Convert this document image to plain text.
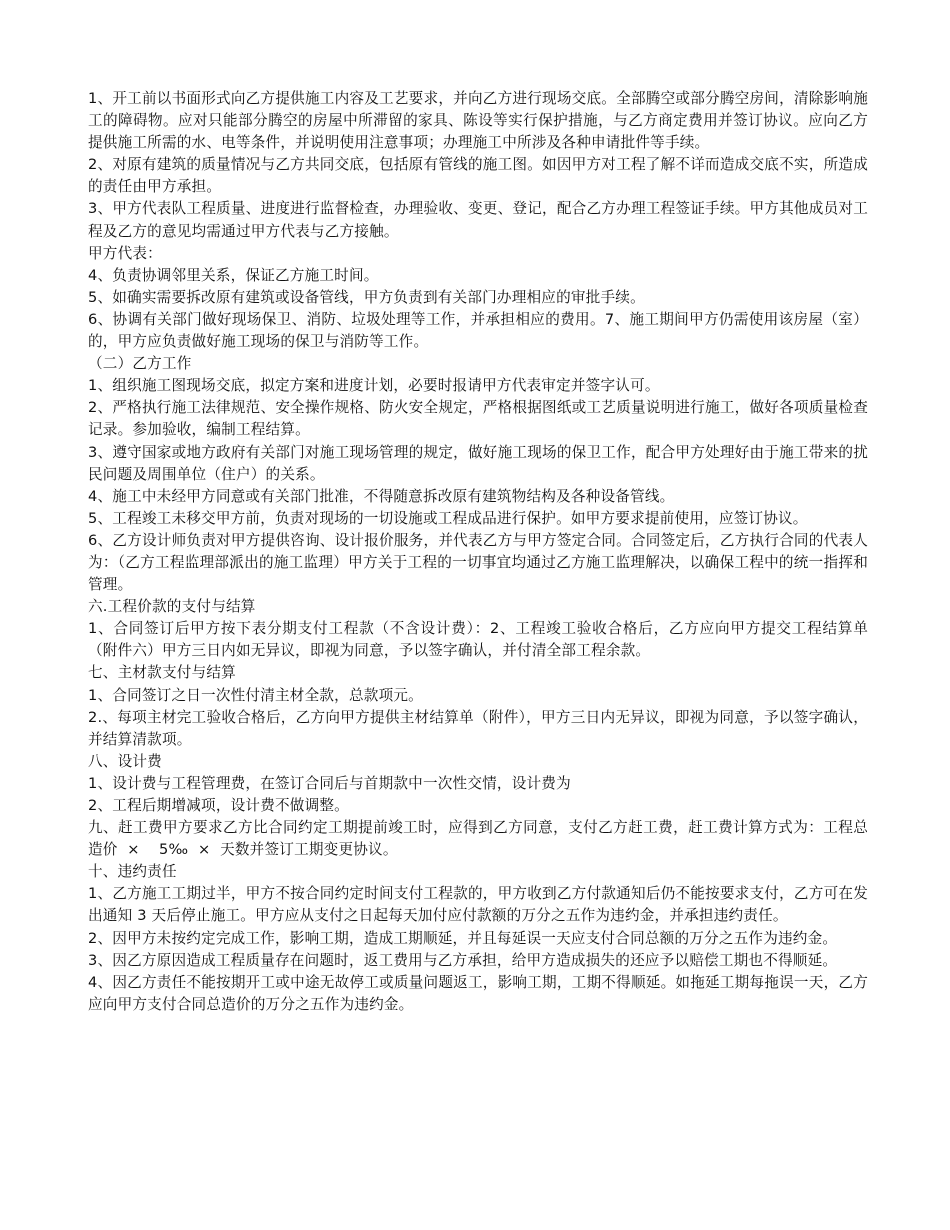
1、开工前以书面形式向乙方提供施工内容及工艺要求，并向乙方进行现场交底。全部腾空或部分腾空房间，清除影响施工的障碍物。应对只能部分腾空的房屋中所滞留的家具、陈设等实行保护措施，与乙方商定费用并签订协议。应向乙方提供施工所需的水、电等条件，并说明使用注意事项；办理施工中所涉及各种申请批件等手续。

2、对原有建筑的质量情况与乙方共同交底，包括原有管线的施工图。如因甲方对工程了解不详而造成交底不实，所造成的责任由甲方承担。

3、甲方代表队工程质量、进度进行监督检查，办理验收、变更、登记，配合乙方办理工程签证手续。甲方其他成员对工程及乙方的意见均需通过甲方代表与乙方接触。

甲方代表：

4、负责协调邻里关系，保证乙方施工时间。

5、如确实需要拆改原有建筑或设备管线，甲方负责到有关部门办理相应的审批手续。

6、协调有关部门做好现场保卫、消防、垃圾处理等工作，并承担相应的费用。7、施工期间甲方仍需使用该房屋（室）的，甲方应负责做好施工现场的保卫与消防等工作。

（二）乙方工作

1、组织施工图现场交底，拟定方案和进度计划，必要时报请甲方代表审定并签字认可。

2、严格执行施工法律规范、安全操作规格、防火安全规定，严格根据图纸或工艺质量说明进行施工，做好各项质量检查记录。参加验收，编制工程结算。

3、遵守国家或地方政府有关部门对施工现场管理的规定，做好施工现场的保卫工作，配合甲方处理好由于施工带来的扰民问题及周围单位（住户）的关系。

4、施工中未经甲方同意或有关部门批准，不得随意拆改原有建筑物结构及各种设备管线。

5、工程竣工未移交甲方前，负责对现场的一切设施或工程成品进行保护。如甲方要求提前使用，应签订协议。

6、乙方设计师负责对甲方提供咨询、设计报价服务，并代表乙方与甲方签定合同。合同签定后，乙方执行合同的代表人为：（乙方工程监理部派出的施工监理）甲方关于工程的一切事宜均通过乙方施工监理解决，以确保工程中的统一指挥和管理。

六.工程价款的支付与结算

1、合同签订后甲方按下表分期支付工程款（不含设计费）：2、工程竣工验收合格后，乙方应向甲方提交工程结算单（附件六）甲方三日内如无异议，即视为同意，予以签字确认，并付清全部工程余款。

七、主材款支付与结算

1、合同签订之日一次性付清主材全款，总款项元。

2.、每项主材完工验收合格后，乙方向甲方提供主材结算单（附件），甲方三日内无异议，即视为同意，予以签字确认，并结算清款项。

八、设计费

1、设计费与工程管理费，在签订合同后与首期款中一次性交情，设计费为

2、工程后期增减项，设计费不做调整。

九、赶工费甲方要求乙方比合同约定工期提前竣工时，应得到乙方同意，支付乙方赶工费，赶工费计算方式为：工程总造价  ×    5‰  ×  天数并签订工期变更协议。

十、违约责任

1、乙方施工工期过半，甲方不按合同约定时间支付工程款的，甲方收到乙方付款通知后仍不能按要求支付，乙方可在发出通知 3 天后停止施工。甲方应从支付之日起每天加付应付款额的万分之五作为违约金，并承担违约责任。

2、因甲方未按约定完成工作，影响工期，造成工期顺延，并且每延误一天应支付合同总额的万分之五作为违约金。

3、因乙方原因造成工程质量存在问题时，返工费用与乙方承担，给甲方造成损失的还应予以赔偿工期也不得顺延。

4、因乙方责任不能按期开工或中途无故停工或质量问题返工，影响工期，工期不得顺延。如拖延工期每拖误一天，乙方应向甲方支付合同总造价的万分之五作为违约金。
